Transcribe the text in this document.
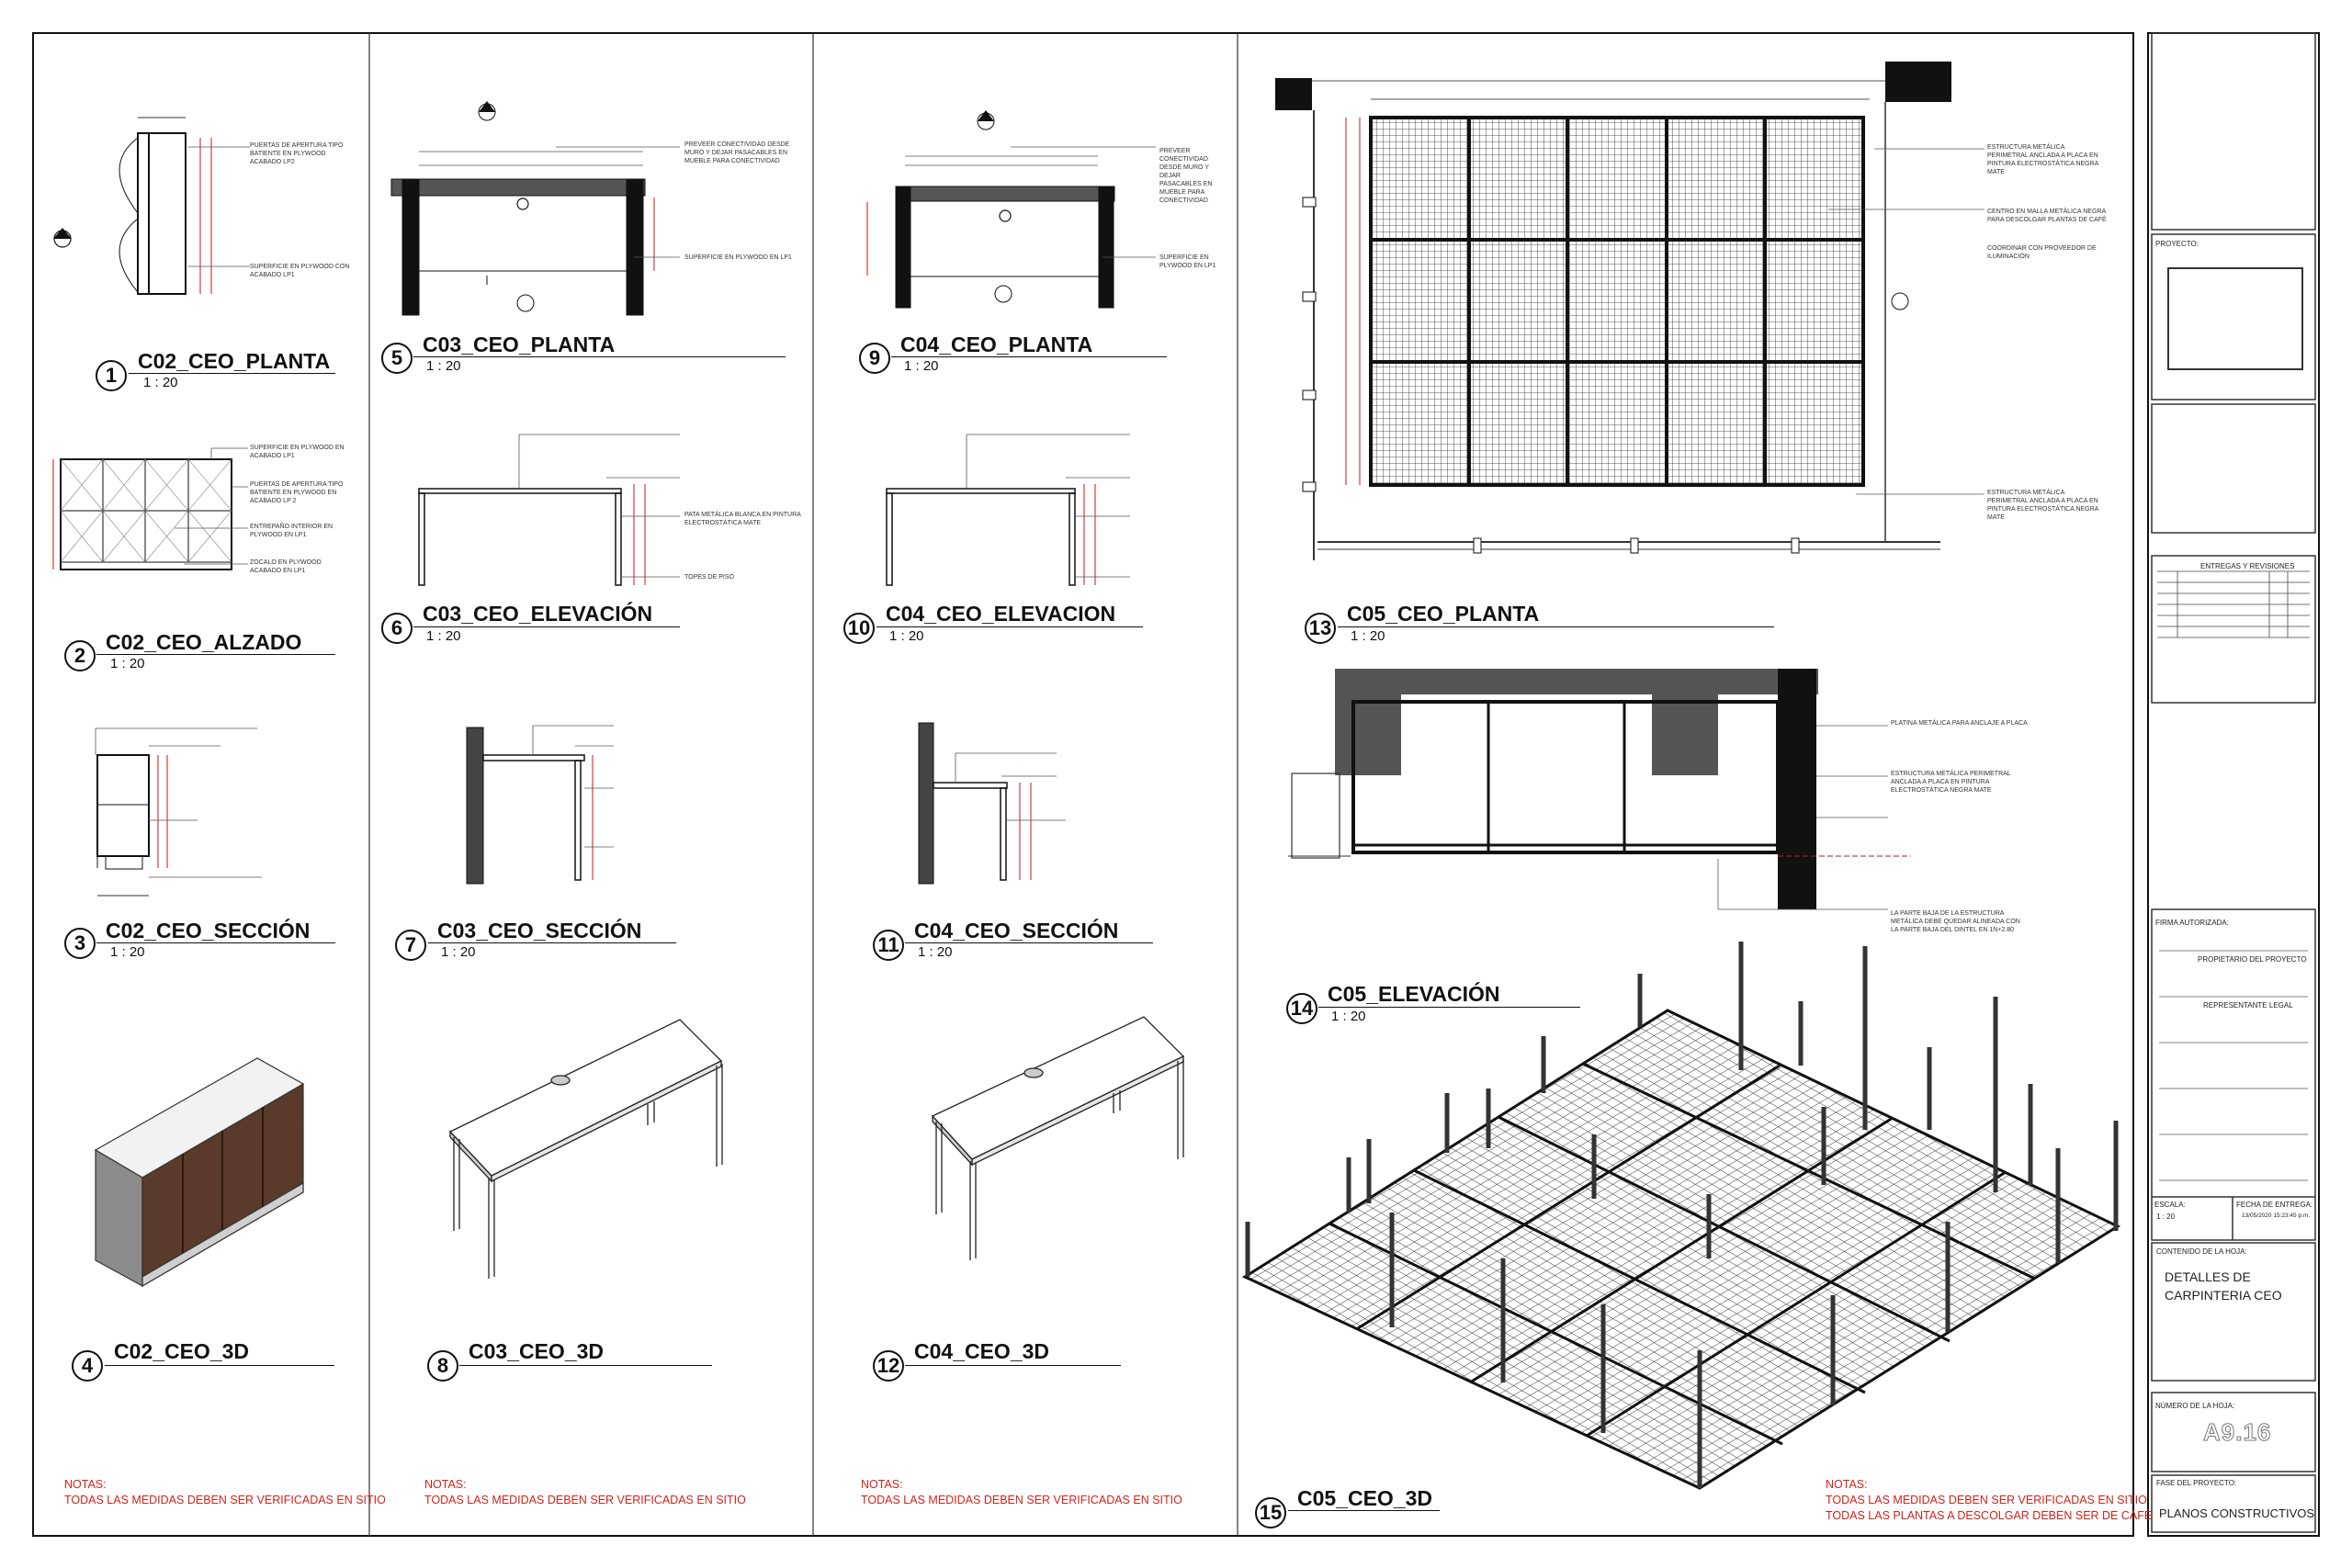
1
C02_CEO_PLANTA
1 : 20
2
C02_CEO_ALZADO
1 : 20
3
C02_CEO_SECCIÓN
1 : 20
4
C02_CEO_3D
5
C03_CEO_PLANTA
1 : 20
6
C03_CEO_ELEVACIÓN
1 : 20
7
C03_CEO_SECCIÓN
1 : 20
8
C03_CEO_3D
9
C04_CEO_PLANTA
1 : 20
10
C04_CEO_ELEVACION
1 : 20
11
C04_CEO_SECCIÓN
1 : 20
12
C04_CEO_3D
13
C05_CEO_PLANTA
1 : 20
14
C05_ELEVACIÓN
1 : 20
15
C05_CEO_3D
PUERTAS DE APERTURA TIPO BATIENTE EN PLYWOOD ACABADO LP2
SUPERFICIE EN PLYWOOD CON ACABADO LP1
SUPERFICIE EN PLYWOOD EN ACABADO LP1
PUERTAS DE APERTURA TIPO BATIENTE EN PLYWOOD EN ACABADO LP 2
ENTREPAÑO INTERIOR EN PLYWOOD EN LP1
ZOCALO EN PLYWOOD ACABADO EN LP1
PREVEER CONECTIVIDAD DESDE MURO Y DEJAR PASACABLES EN MUEBLE PARA CONECTIVIDAD
SUPERFICIE EN PLYWOOD EN LP1
PATA METÁLICA BLANCA EN PINTURA ELECTROSTÁTICA MATE
TOPES DE PISO
PREVEER CONECTIVIDAD DESDE MURO Y DEJAR PASACABLES EN MUEBLE PARA CONECTIVIDAD
SUPERFICIE EN PLYWOOD EN LP1
ESTRUCTURA METÁLICA PERIMETRAL ANCLADA A PLACA EN PINTURA ELECTROSTÁTICA NEGRA MATE
CENTRO EN MALLA METÁLICA NEGRA PARA DESCOLGAR PLANTAS DE CAFÉ
COORDINAR CON PROVEEDOR DE ILUMINACIÓN
ESTRUCTURA METÁLICA PERIMETRAL ANCLADA A PLACA EN PINTURA ELECTROSTÁTICA NEGRA MATE
PLATINA METÁLICA PARA ANCLAJE A PLACA
ESTRUCTURA METÁLICA PERIMETRAL ANCLADA A PLACA EN PINTURA ELECTROSTÁTICA NEGRA MATE
LA PARTE BAJA DE LA ESTRUCTURA METÁLICA DEBE QUEDAR ALINEADA CON LA PARTE BAJA DEL DINTEL EN 1N+2.80
NOTAS:
TODAS LAS MEDIDAS DEBEN SER VERIFICADAS EN SITIO
NOTAS:
TODAS LAS MEDIDAS DEBEN SER VERIFICADAS EN SITIO
NOTAS:
TODAS LAS MEDIDAS DEBEN SER VERIFICADAS EN SITIO
NOTAS:
TODAS LAS MEDIDAS DEBEN SER VERIFICADAS EN SITIO
TODAS LAS PLANTAS A DESCOLGAR DEBEN SER DE CAFÉ
PROYECTO:
ENTREGAS Y REVISIONES
FIRMA AUTORIZADA:
PROPIETARIO DEL PROYECTO
REPRESENTANTE LEGAL
ESCALA:
1 : 20
FECHA DE ENTREGA:
13/05/2020 15:23:45 p.m.
CONTENIDO DE LA HOJA:
DETALLES DE
CARPINTERIA CEO
NÚMERO DE LA HOJA:
A9.16
FASE DEL PROYECTO:
PLANOS CONSTRUCTIVOS
